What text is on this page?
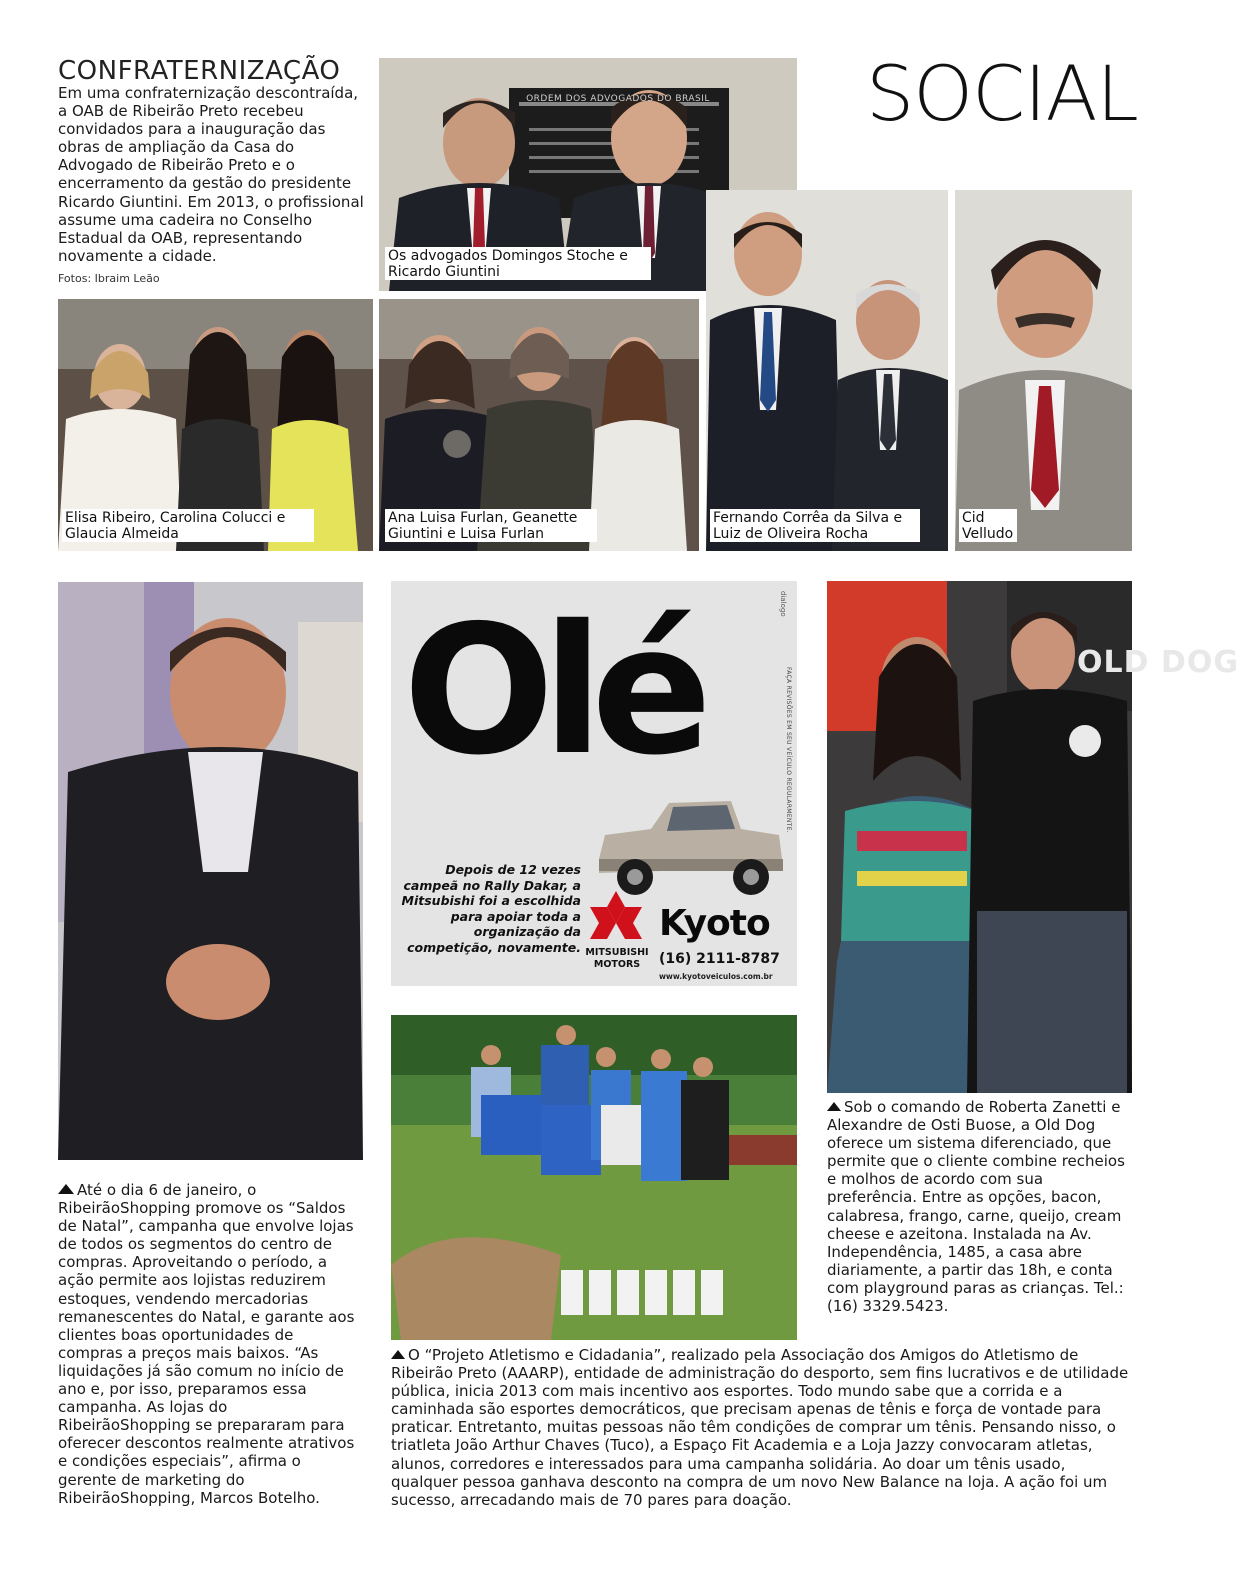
SOCIAL
CONFRATERNIZAÇÃO
Em uma confraternização descontraída, a OAB de Ribeirão Preto recebeu convidados para a inauguração das obras de ampliação da Casa do Advogado de Ribeirão Preto e o encerramento da gestão do presidente Ricardo Giuntini. Em 2013, o profissional assume uma cadeira no Conselho Estadual da OAB, representando novamente a cidade.
Fotos: Ibraim Leão
ORDEM DOS ADVOGADOS DO BRASIL
Os advogados Domingos Stoche e Ricardo Giuntini
Elisa Ribeiro, Carolina Colucci e Glaucia Almeida
Ana Luisa Furlan, Geanette Giuntini e Luisa Furlan
Fernando Corrêa da Silva e Luiz de Oliveira Rocha
Cid Velludo
Olé	dialogo
FAÇA REVISÕES EM SEU VEÍCULO REGULARMENTE.
Depois de 12 vezes campeã no Rally Dakar, a Mitsubishi foi a escolhida para apoiar toda a organização da competição, novamente. MITSUBISHI MOTORS
Kyoto
(16) 2111-8787
www.kyotoveiculos.com.br
OLD DOG
Até o dia 6 de janeiro, o RibeirãoShopping promove os “Saldos de Natal”, campanha que envolve lojas de todos os segmentos do centro de compras. Aproveitando o período, a ação permite aos lojistas reduzirem estoques, vendendo mercadorias remanescentes do Natal, e garante aos clientes boas oportunidades de compras a preços mais baixos. “As liquidações já são comum no início de ano e, por isso, preparamos essa campanha. As lojas do RibeirãoShopping se prepararam para oferecer descontos realmente atrativos e condições especiais”, afirma o gerente de marketing do RibeirãoShopping, Marcos Botelho.
Sob o comando de Roberta Zanetti e Alexandre de Osti Buose, a Old Dog oferece um sistema diferenciado, que permite que o cliente combine recheios e molhos de acordo com sua preferência. Entre as opções, bacon, calabresa, frango, carne, queijo, cream cheese e azeitona. Instalada na Av. Independência, 1485, a casa abre diariamente, a partir das 18h, e conta com playground paras as crianças. Tel.: (16) 3329.5423.
O “Projeto Atletismo e Cidadania”, realizado pela Associação dos Amigos do Atletismo de Ribeirão Preto (AAARP), entidade de administração do desporto, sem fins lucrativos e de utilidade pública, inicia 2013 com mais incentivo aos esportes. Todo mundo sabe que a corrida e a caminhada são esportes democráticos, que precisam apenas de tênis e força de vontade para praticar. Entretanto, muitas pessoas não têm condições de comprar um tênis. Pensando nisso, o triatleta João Arthur Chaves (Tuco), a Espaço Fit Academia e a Loja Jazzy convocaram atletas, alunos, corredores e interessados para uma campanha solidária. Ao doar um tênis usado, qualquer pessoa ganhava desconto na compra de um novo New Balance na loja. A ação foi um sucesso, arrecadando mais de 70 pares para doação.
